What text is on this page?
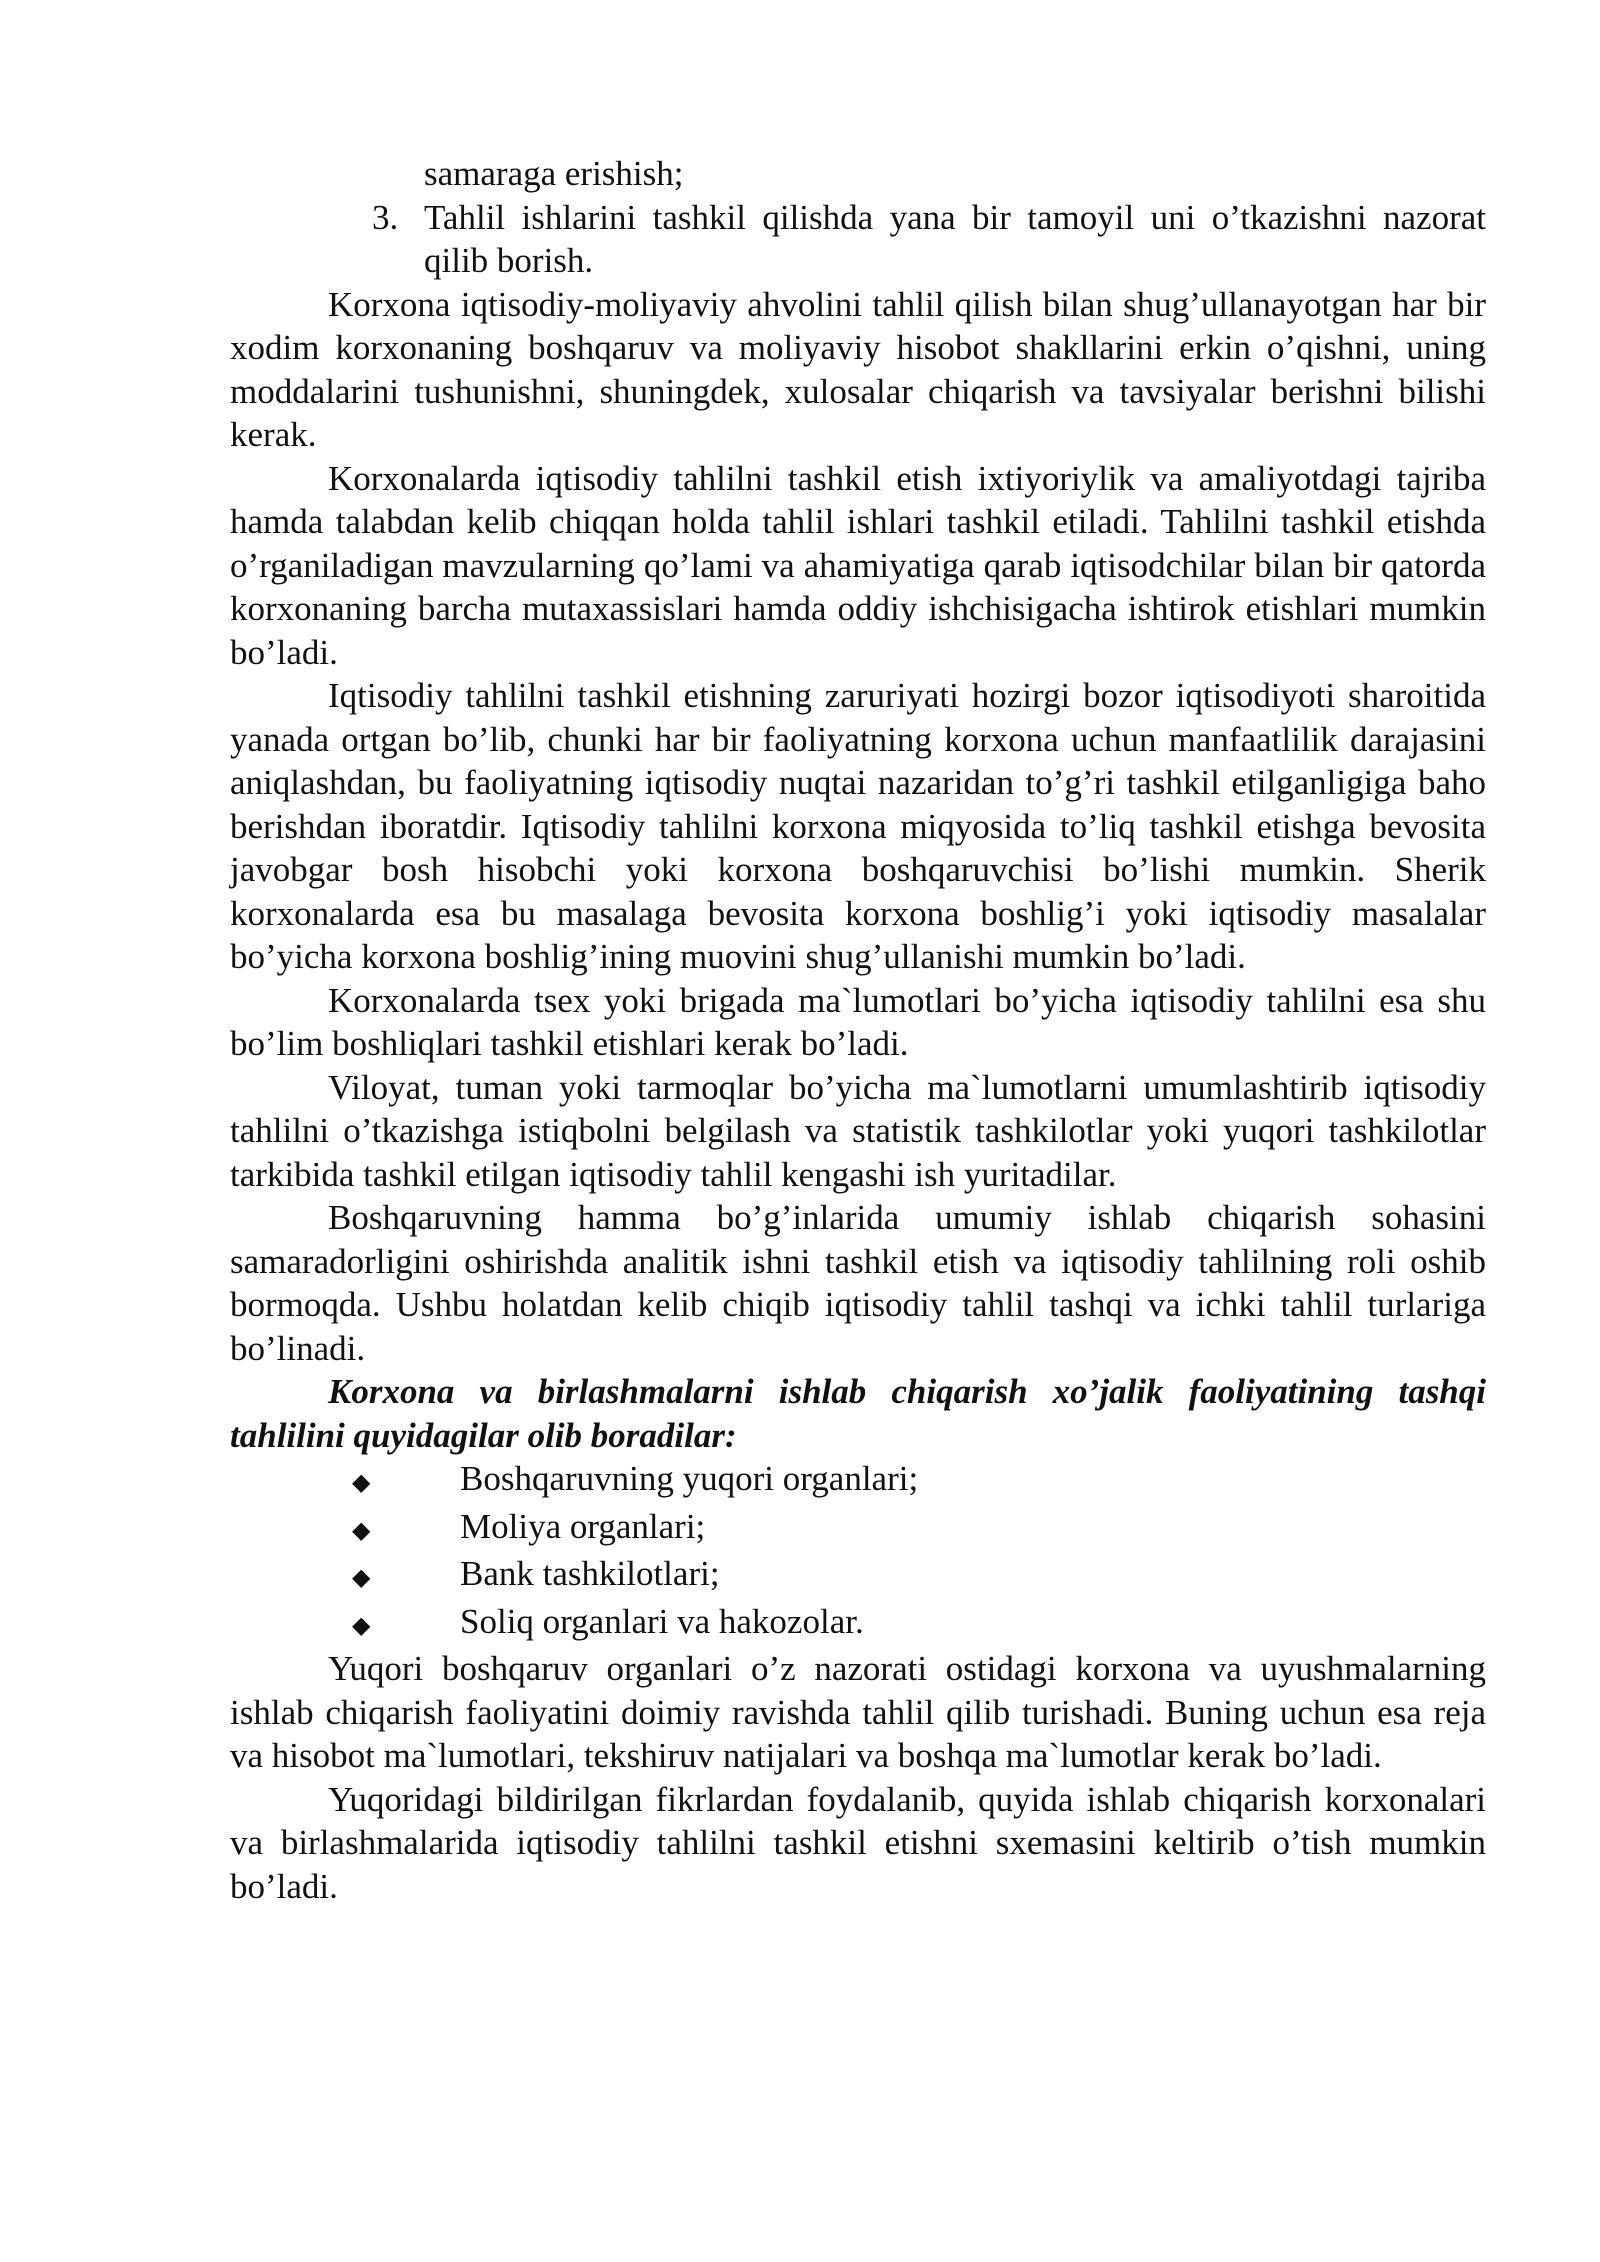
samaraga erishish;

3. Tahlil ishlarini tashkil qilishda yana bir tamoyil uni o’tkazishni nazorat qilib borish.

Korxona iqtisodiy-moliyaviy ahvolini tahlil qilish bilan shug’ullanayotgan har bir xodim korxonaning boshqaruv va moliyaviy hisobot shakllarini erkin o’qishni, uning moddalarini tushunishni, shuningdek, xulosalar chiqarish va tavsiyalar berishni bilishi kerak.

Korxonalarda iqtisodiy tahlilni tashkil etish ixtiyoriylik va amaliyotdagi tajriba hamda talabdan kelib chiqqan holda tahlil ishlari tashkil etiladi. Tahlilni tashkil etishda o’rganiladigan mavzularning qo’lami va ahamiyatiga qarab iqtisodchilar bilan bir qatorda korxonaning barcha mutaxassislari hamda oddiy ishchisigacha ishtirok etishlari mumkin bo’ladi.

Iqtisodiy tahlilni tashkil etishning zaruriyati hozirgi bozor iqtisodiyoti sharoitida yanada ortgan bo’lib, chunki har bir faoliyatning korxona uchun manfaatlilik darajasini aniqlashdan, bu faoliyatning iqtisodiy nuqtai nazaridan to’g’ri tashkil etilganligiga baho berishdan iboratdir. Iqtisodiy tahlilni korxona miqyosida to’liq tashkil etishga bevosita javobgar bosh hisobchi yoki korxona boshqaruvchisi bo’lishi mumkin. Sherik korxonalarda esa bu masalaga bevosita korxona boshlig’i yoki iqtisodiy masalalar bo’yicha korxona boshlig’ining muovini shug’ullanishi mumkin bo’ladi.

Korxonalarda tsex yoki brigada ma`lumotlari bo’yicha iqtisodiy tahlilni esa shu bo’lim boshliqlari tashkil etishlari kerak bo’ladi.

Viloyat, tuman yoki tarmoqlar bo’yicha ma`lumotlarni umumlashtirib iqtisodiy tahlilni o’tkazishga istiqbolni belgilash va statistik tashkilotlar yoki yuqori tashkilotlar tarkibida tashkil etilgan iqtisodiy tahlil kengashi ish yuritadilar.

Boshqaruvning hamma bo’g’inlarida umumiy ishlab chiqarish sohasini samaradorligini oshirishda analitik ishni tashkil etish va iqtisodiy tahlilning roli oshib bormoqda. Ushbu holatdan kelib chiqib iqtisodiy tahlil tashqi va ichki tahlil turlariga bo’linadi.

Korxona va birlashmalarni ishlab chiqarish xo’jalik faoliyatining tashqi tahlilini quyidagilar olib boradilar:

◆	Boshqaruvning yuqori organlari;
◆	Moliya organlari;
◆	Bank tashkilotlari;
◆	Soliq organlari va hakozolar.

Yuqori boshqaruv organlari o’z nazorati ostidagi korxona va uyushmalarning ishlab chiqarish faoliyatini doimiy ravishda tahlil qilib turishadi. Buning uchun esa reja va hisobot ma`lumotlari, tekshiruv natijalari va boshqa ma`lumotlar kerak bo’ladi.

Yuqoridagi bildirilgan fikrlardan foydalanib, quyida ishlab chiqarish korxonalari va birlashmalarida iqtisodiy tahlilni tashkil etishni sxemasini keltirib o’tish mumkin bo’ladi.
